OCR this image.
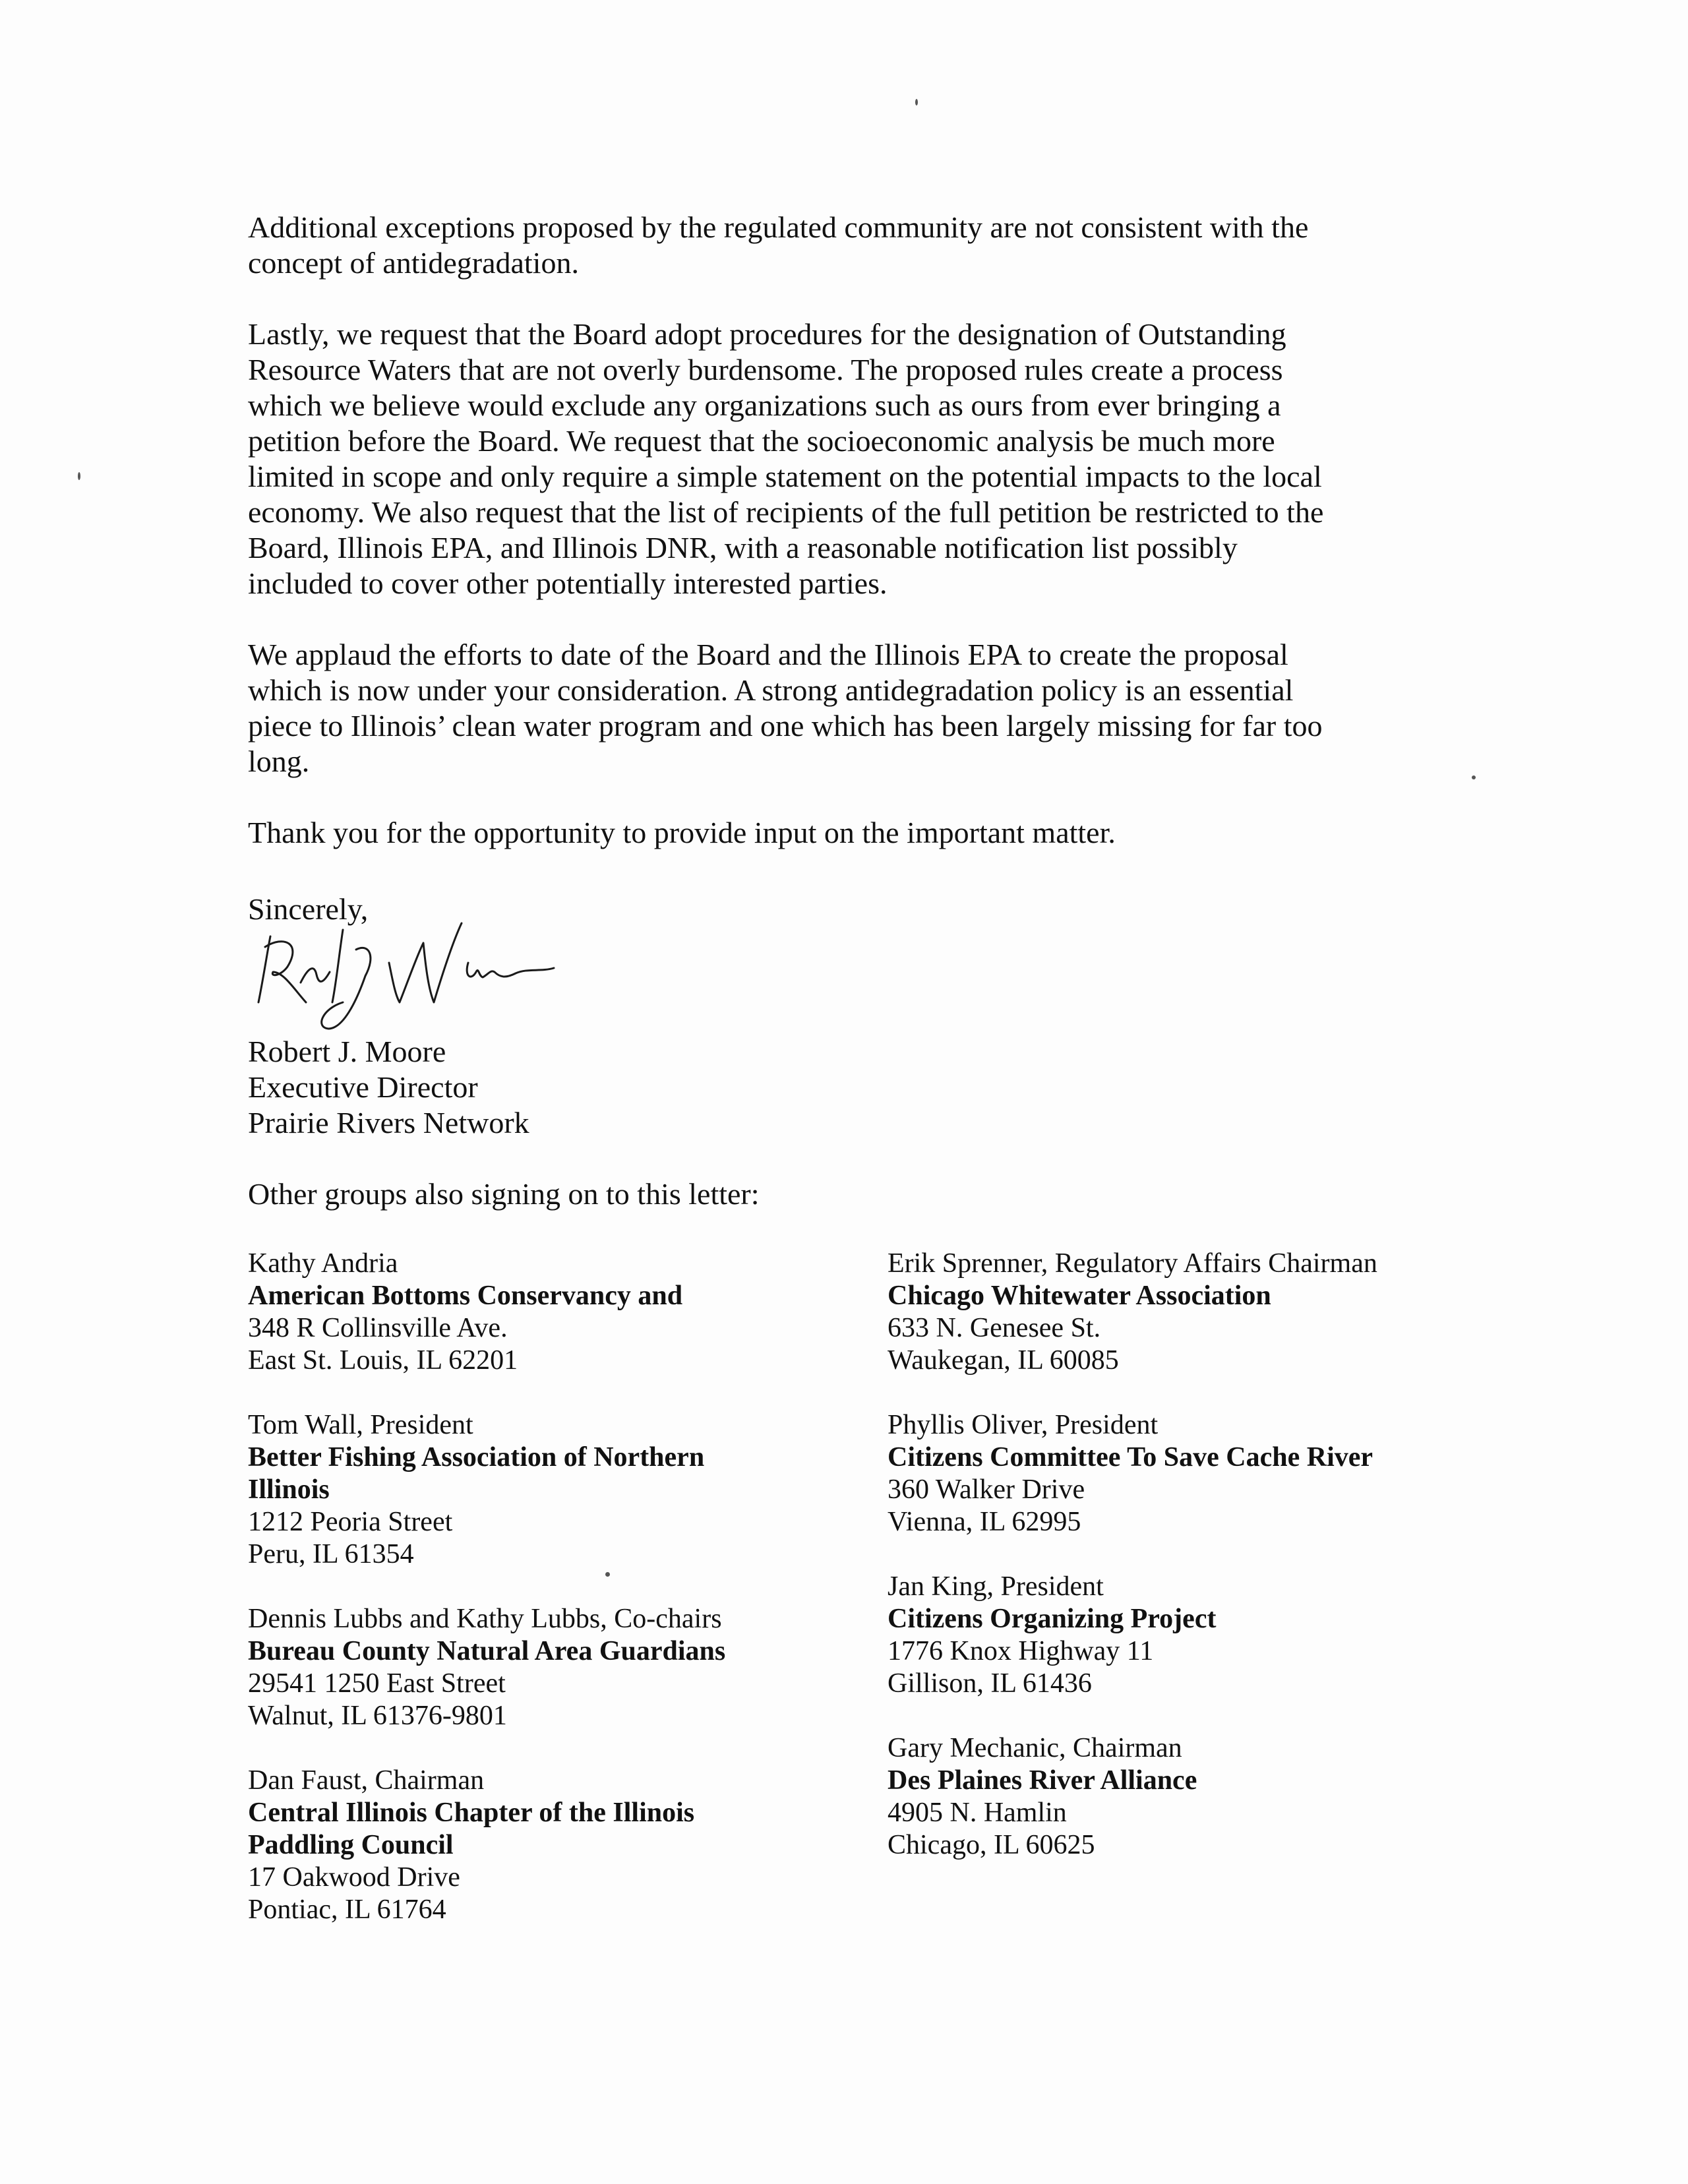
Additional exceptions proposed by the regulated community are not consistent with the
concept of antidegradation.

Lastly, we request that the Board adopt procedures for the designation of Outstanding
Resource Waters that are not overly burdensome. The proposed rules create a process
which we believe would exclude any organizations such as ours from ever bringing a
petition before the Board. We request that the socioeconomic analysis be much more
limited in scope and only require a simple statement on the potential impacts to the local
economy. We also request that the list of recipients of the full petition be restricted to the
Board, Illinois EPA, and Illinois DNR, with a reasonable notification list possibly
included to cover other potentially interested parties.

We applaud the efforts to date of the Board and the Illinois EPA to create the proposal
which is now under your consideration. A strong antidegradation policy is an essential
piece to Illinois’ clean water program and one which has been largely missing for far too
long.

Thank you for the opportunity to provide input on the important matter.

Sincerely,
Robert J. Moore
Executive Director
Prairie Rivers Network
Other groups also signing on to this letter:
Kathy Andria
American Bottoms Conservancy and
348 R Collinsville Ave.
East St. Louis, IL 62201
Tom Wall, President
Better Fishing Association of Northern Illinois
1212 Peoria Street
Peru, IL 61354
Dennis Lubbs and Kathy Lubbs, Co-chairs
Bureau County Natural Area Guardians
29541 1250 East Street
Walnut, IL 61376-9801
Dan Faust, Chairman
Central Illinois Chapter of the Illinois Paddling Council
17 Oakwood Drive
Pontiac, IL 61764
Erik Sprenner, Regulatory Affairs Chairman
Chicago Whitewater Association
633 N. Genesee St.
Waukegan, IL 60085
Phyllis Oliver, President
Citizens Committee To Save Cache River
360 Walker Drive
Vienna, IL 62995
Jan King, President
Citizens Organizing Project
1776 Knox Highway 11
Gillison, IL 61436
Gary Mechanic, Chairman
Des Plaines River Alliance
4905 N. Hamlin
Chicago, IL 60625
